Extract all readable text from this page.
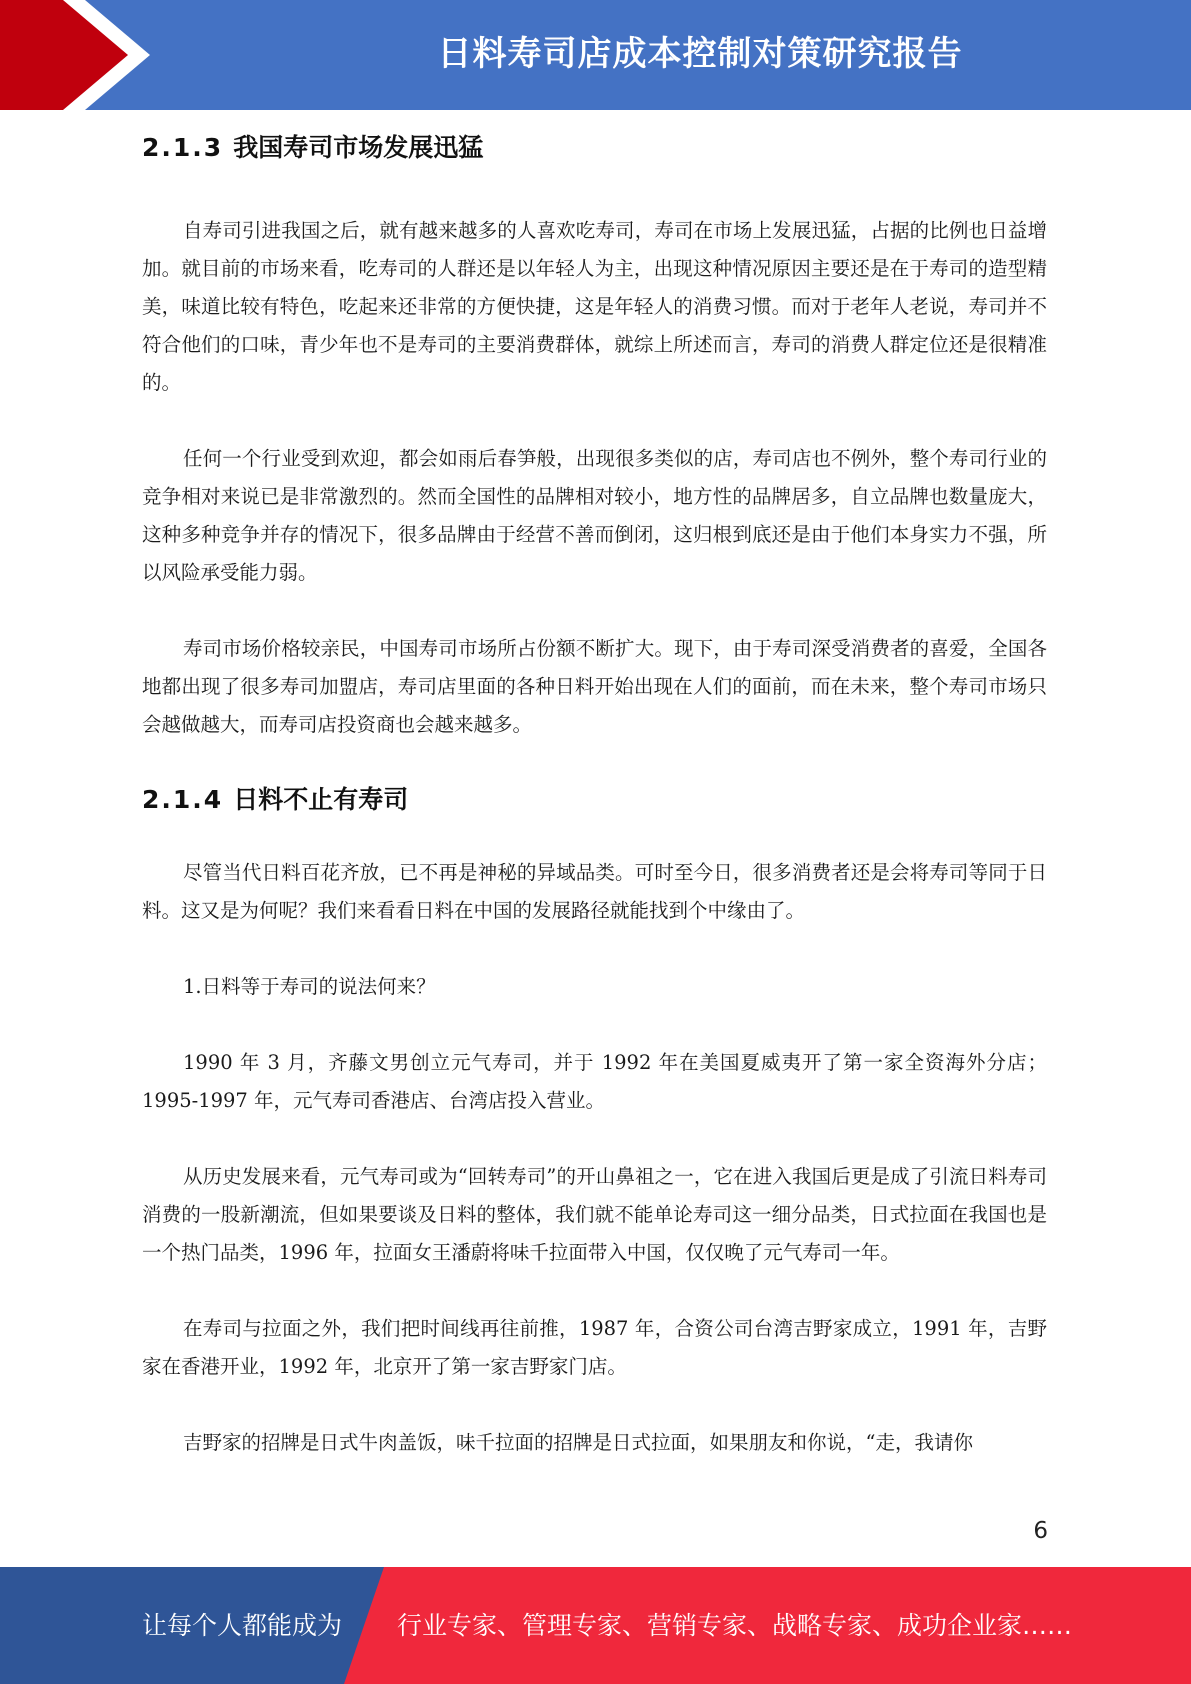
日料寿司店成本控制对策研究报告
2.1.3 我国寿司市场发展迅猛

自寿司引进我国之后，就有越来越多的人喜欢吃寿司，寿司在市场上发展迅猛，占据的比例也日益增加。就目前的市场来看，吃寿司的人群还是以年轻人为主，出现这种情况原因主要还是在于寿司的造型精美，味道比较有特色，吃起来还非常的方便快捷，这是年轻人的消费习惯。而对于老年人老说，寿司并不符合他们的口味，青少年也不是寿司的主要消费群体，就综上所述而言，寿司的消费人群定位还是很精准的。

任何一个行业受到欢迎，都会如雨后春笋般，出现很多类似的店，寿司店也不例外，整个寿司行业的竞争相对来说已是非常激烈的。然而全国性的品牌相对较小，地方性的品牌居多，自立品牌也数量庞大，这种多种竞争并存的情况下，很多品牌由于经营不善而倒闭，这归根到底还是由于他们本身实力不强，所以风险承受能力弱。

寿司市场价格较亲民，中国寿司市场所占份额不断扩大。现下，由于寿司深受消费者的喜爱，全国各地都出现了很多寿司加盟店，寿司店里面的各种日料开始出现在人们的面前，而在未来，整个寿司市场只会越做越大，而寿司店投资商也会越来越多。

2.1.4 日料不止有寿司

尽管当代日料百花齐放，已不再是神秘的异域品类。可时至今日，很多消费者还是会将寿司等同于日料。这又是为何呢？我们来看看日料在中国的发展路径就能找到个中缘由了。

1.日料等于寿司的说法何来？

1990 年 3 月，齐藤文男创立元气寿司，并于 1992 年在美国夏威夷开了第一家全资海外分店；1995-1997 年，元气寿司香港店、台湾店投入营业。

从历史发展来看，元气寿司或为“回转寿司”的开山鼻祖之一，它在进入我国后更是成了引流日料寿司消费的一股新潮流，但如果要谈及日料的整体，我们就不能单论寿司这一细分品类，日式拉面在我国也是一个热门品类，1996 年，拉面女王潘蔚将味千拉面带入中国，仅仅晚了元气寿司一年。

在寿司与拉面之外，我们把时间线再往前推，1987 年，合资公司台湾吉野家成立，1991 年，吉野家在香港开业，1992 年，北京开了第一家吉野家门店。

吉野家的招牌是日式牛肉盖饭，味千拉面的招牌是日式拉面，如果朋友和你说，“走，我请你

6
让每个人都能成为 行业专家、管理专家、营销专家、战略专家、成功企业家……
